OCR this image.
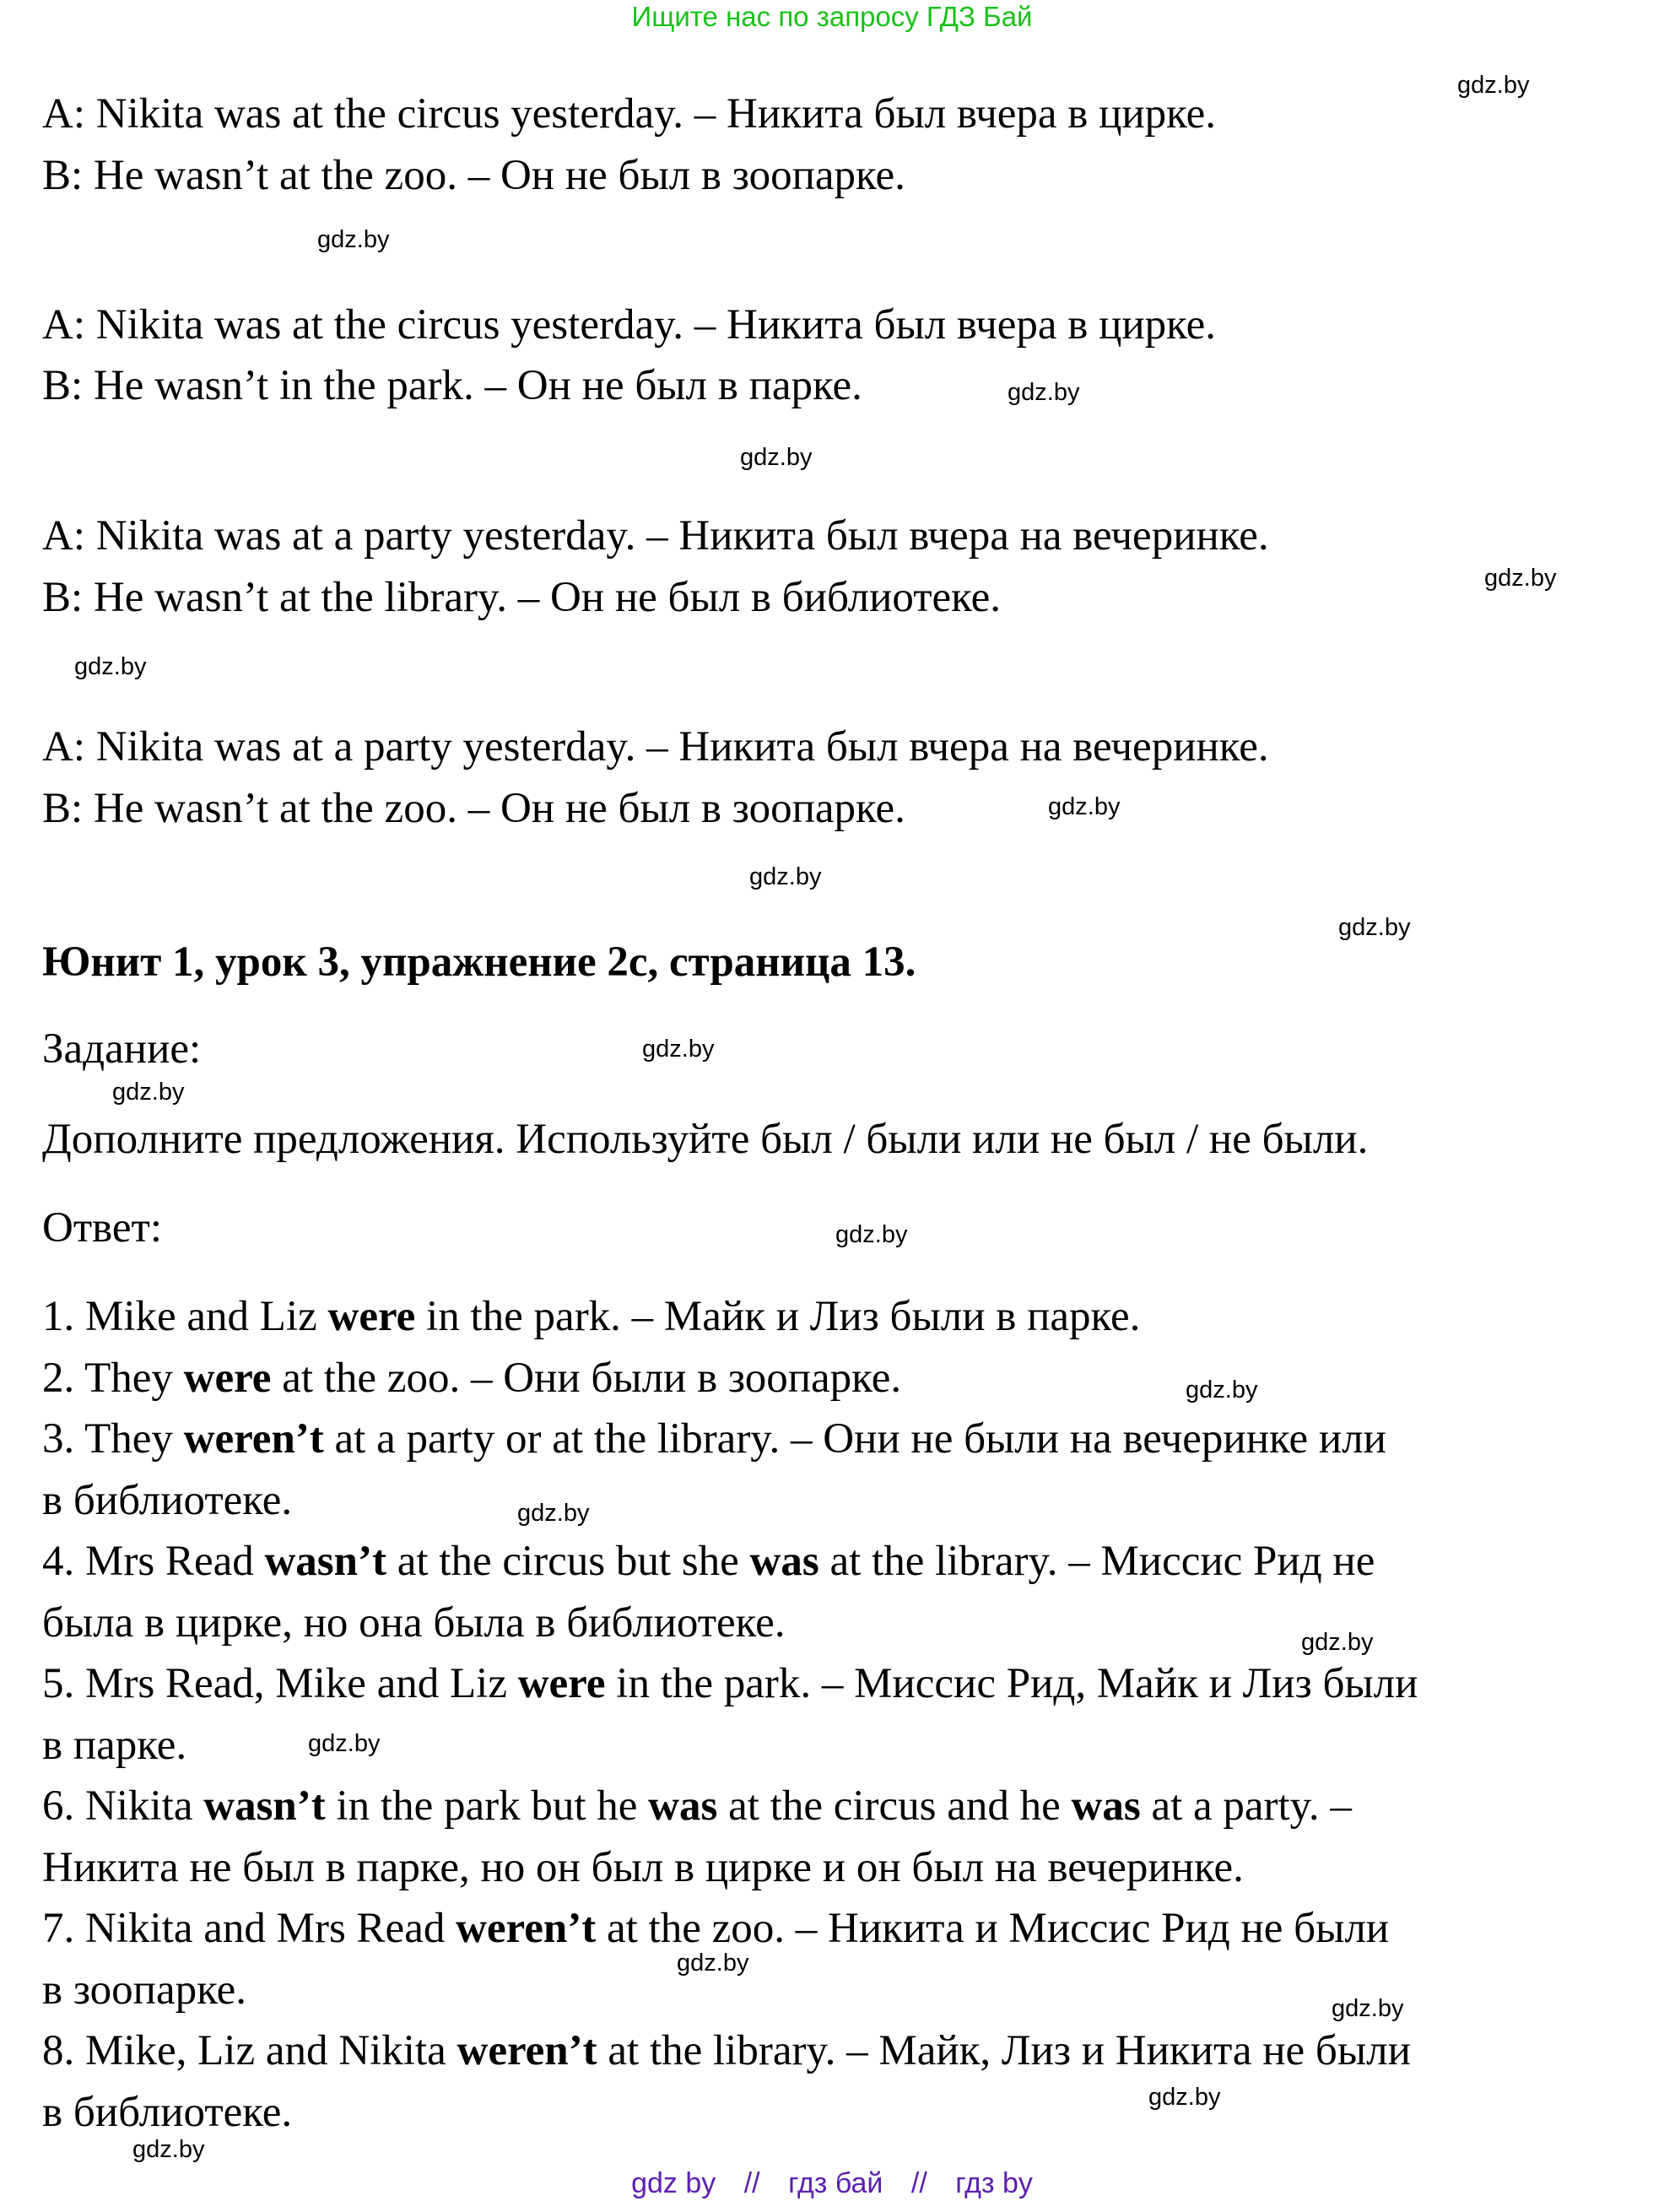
Ищите нас по запросу ГДЗ Бай
A: Nikita was at the circus yesterday. – Никита был вчера в цирке.
B: He wasn’t at the zoo. – Он не был в зоопарке.
A: Nikita was at the circus yesterday. – Никита был вчера в цирке.
B: He wasn’t in the park. – Он не был в парке.
A: Nikita was at a party yesterday. – Никита был вчера на вечеринке.
B: He wasn’t at the library. – Он не был в библиотеке.
A: Nikita was at a party yesterday. – Никита был вчера на вечеринке.
B: He wasn’t at the zoo. – Он не был в зоопарке.
Юнит 1, урок 3, упражнение 2с, страница 13.
Задание:
Дополните предложения. Используйте был / были или не был / не были.
Ответ:
1. Mike and Liz were in the park. – Майк и Лиз были в парке.
2. They were at the zoo. – Они были в зоопарке.
3. They weren’t at a party or at the library. – Они не были на вечеринке или
в библиотеке.
4. Mrs Read wasn’t at the circus but she was at the library. – Миссис Рид не
была в цирке, но она была в библиотеке.
5. Mrs Read, Mike and Liz were in the park. – Миссис Рид, Майк и Лиз были
в парке.
6. Nikita wasn’t in the park but he was at the circus and he was at a party. –
Никита не был в парке, но он был в цирке и он был на вечеринке.
7. Nikita and Mrs Read weren’t at the zoo. – Никита и Миссис Рид не были
в зоопарке.
8. Mike, Liz and Nikita weren’t at the library. – Майк, Лиз и Никита не были
в библиотеке.
gdz.by
gdz.by
gdz.by
gdz.by
gdz.by
gdz.by
gdz.by
gdz.by
gdz.by
gdz.by
gdz.by
gdz.by
gdz.by
gdz.by
gdz.by
gdz.by
gdz.by
gdz.by
gdz.by
gdz.by
gdz by // гдз бай // гдз by
